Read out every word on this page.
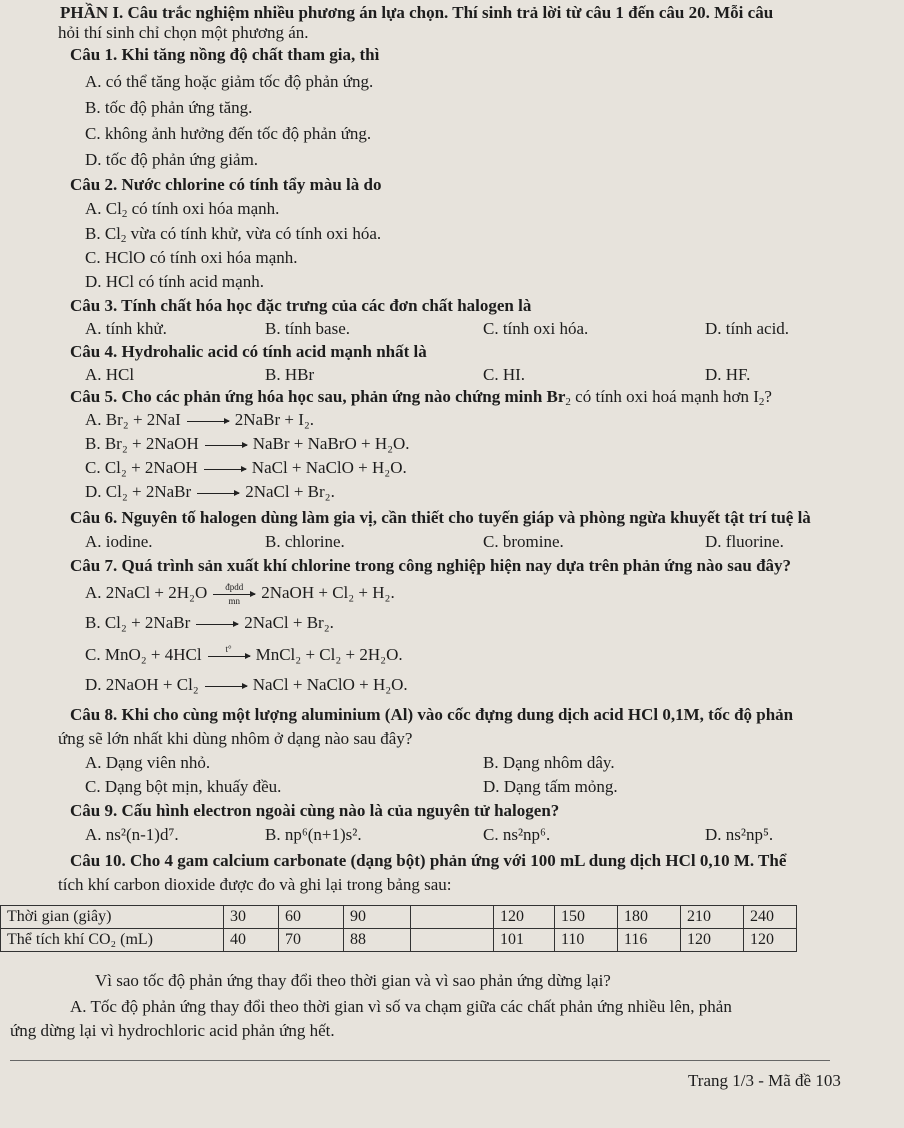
PHẦN I. Câu trắc nghiệm nhiều phương án lựa chọn. Thí sinh trả lời từ câu 1 đến câu 20. Mỗi câu
hỏi thí sinh chỉ chọn một phương án.
Câu 1. Khi tăng nồng độ chất tham gia, thì
A. có thể tăng hoặc giảm tốc độ phản ứng.
B. tốc độ phản ứng tăng.
C. không ảnh hưởng đến tốc độ phản ứng.
D. tốc độ phản ứng giảm.
Câu 2. Nước chlorine có tính tẩy màu là do
A. $Cl_2$ có tính oxi hóa mạnh.
B. $Cl_2$ vừa có tính khử, vừa có tính oxi hóa.
C. HClO có tính oxi hóa mạnh.
D. HCl có tính acid mạnh.
Câu 3. Tính chất hóa học đặc trưng của các đơn chất halogen là
A. tính khử.	B. tính base.	C. tính oxi hóa.	D. tính acid.
Câu 4. Hydrohalic acid có tính acid mạnh nhất là
A. HCl	B. HBr	C. HI.	D. HF.
Câu 5. Cho các phản ứng hóa học sau, phản ứng nào chứng minh $Br_2$ có tính oxi hoá mạnh hơn $I_2$?
A. Br₂ + 2NaI → 2NaBr + I₂.
B. Br₂ + 2NaOH → NaBr + NaBrO + H₂O.
C. Cl₂ + 2NaOH → NaCl + NaClO + H₂O.
D. Cl₂ + 2NaBr → 2NaCl + Br₂.
Câu 6. Nguyên tố halogen dùng làm gia vị, cần thiết cho tuyến giáp và phòng ngừa khuyết tật trí tuệ là
A. iodine.	B. chlorine.	C. bromine.	D. fluorine.
Câu 7. Quá trình sản xuất khí chlorine trong công nghiệp hiện nay dựa trên phản ứng nào sau đây?
A. 2NaCl + 2H₂O	đpdd
mn	2NaOH + Cl₂ + H₂.
B. Cl₂ + 2NaBr → 2NaCl + Br₂.
C. MnO₂ + 4HCl	t°	MnCl₂ + Cl₂ + 2H₂O.
D. 2NaOH + Cl₂ → NaCl + NaClO + H₂O.
Câu 8. Khi cho cùng một lượng aluminium (Al) vào cốc đựng dung dịch acid HCl 0,1M, tốc độ phản
ứng sẽ lớn nhất khi dùng nhôm ở dạng nào sau đây?
A. Dạng viên nhỏ.	B. Dạng nhôm dây.
C. Dạng bột mịn, khuấy đều.	D. Dạng tấm mỏng.
Câu 9. Cấu hình electron ngoài cùng nào là của nguyên tử halogen?
A. ns²(n-1)d⁷.	B. np⁶(n+1)s².	C. ns²np⁶.	D. ns²np⁵.
Câu 10. Cho 4 gam calcium carbonate (dạng bột) phản ứng với 100 mL dung dịch HCl 0,10 M. Thể
tích khí carbon dioxide được đo và ghi lại trong bảng sau:
Thời gian (giây)	30	60	90		120	150	180	210	240
Thể tích khí CO₂ (mL)	40	70	88		101	110	116	120	120
Vì sao tốc độ phản ứng thay đổi theo thời gian và vì sao phản ứng dừng lại?
A. Tốc độ phản ứng thay đổi theo thời gian vì số va chạm giữa các chất phản ứng nhiều lên, phản
ứng dừng lại vì hydrochloric acid phản ứng hết.
Trang 1/3 - Mã đề 103
